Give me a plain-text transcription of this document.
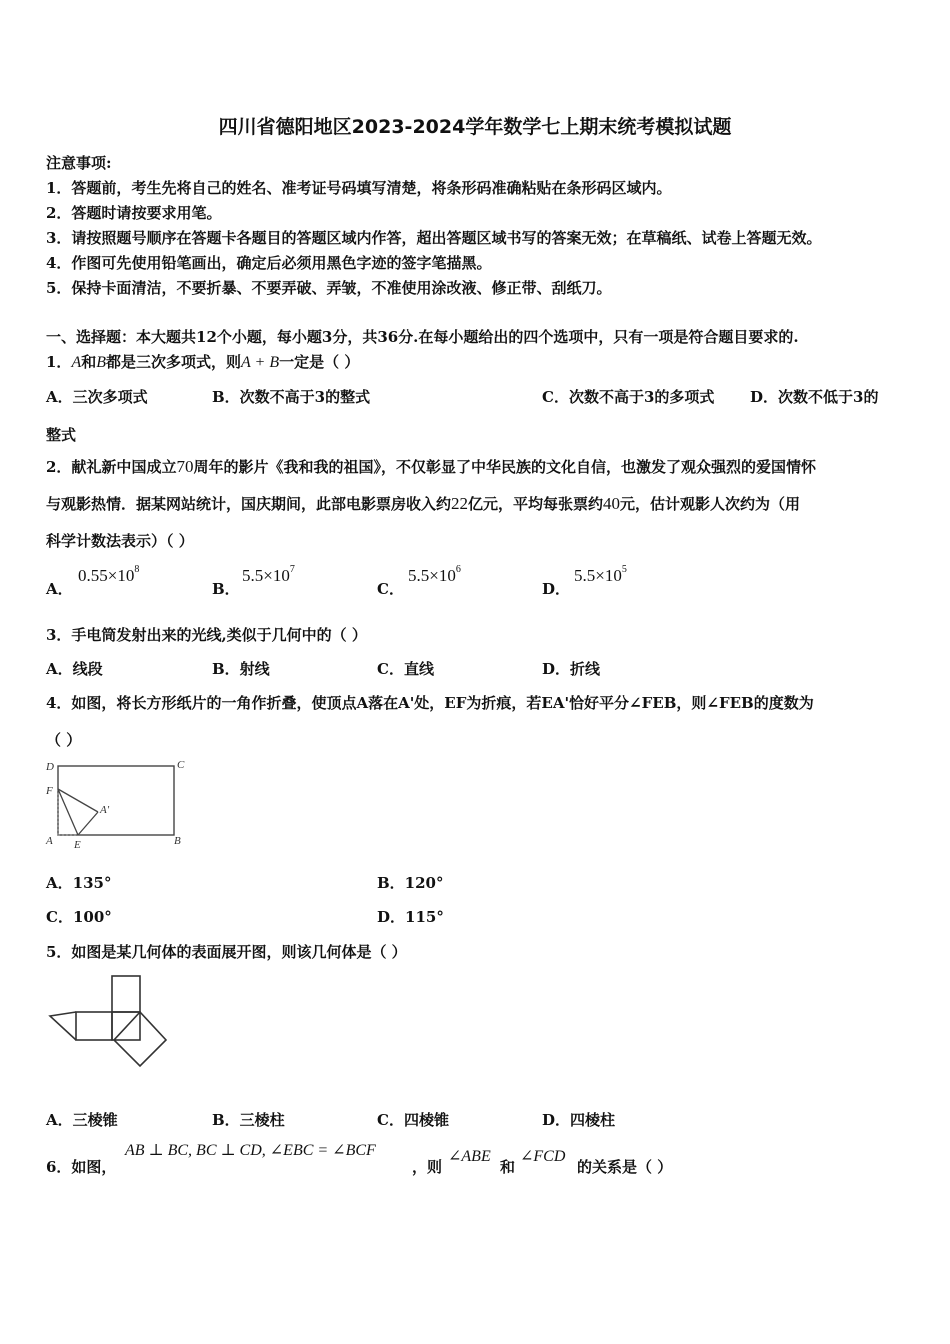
四川省德阳地区2023-2024学年数学七上期末统考模拟试题
注意事项:
1．答题前，考生先将自己的姓名、准考证号码填写清楚，将条形码准确粘贴在条形码区域内。
2．答题时请按要求用笔。
3．请按照题号顺序在答题卡各题目的答题区域内作答，超出答题区域书写的答案无效；在草稿纸、试卷上答题无效。
4．作图可先使用铅笔画出，确定后必须用黑色字迹的签字笔描黑。
5．保持卡面清洁，不要折暴、不要弄破、弄皱，不准使用涂改液、修正带、刮纸刀。
一、选择题：本大题共12个小题，每小题3分，共36分.在每小题给出的四个选项中，只有一项是符合题目要求的.
1．A和B都是三次多项式，则A + B一定是（ ）
A．三次多项式	B．次数不高于3的整式	C．次数不高于3的多项式 D．次数不低于3的
整式
2．献礼新中国成立70周年的影片《我和我的祖国》，不仅彰显了中华民族的文化自信，也激发了观众强烈的爱国情怀
与观影热情．据某网站统计，国庆期间，此部电影票房收入约22亿元，平均每张票约40元，估计观影人次约为（用
科学计数法表示）（ ）
A．
$0.55\times 10^8$
B．
$5.5\times 10^7$
C．
$5.5\times 10^6$
D．
$5.5\times 10^5$
3．手电筒发射出来的光线,类似于几何中的（ ）
A．线段	B．射线	C．直线	D．折线
4．如图，将长方形纸片的一角作折叠，使顶点A落在A'处，EF为折痕，若EA'恰好平分∠FEB，则∠FEB的度数为
（ ）
D	C
F
A'
A E	B
A．135°	B．120°
C．100°	D．115°
5．如图是某几何体的表面展开图，则该几何体是（ ）
A．三棱锥	B．三棱柱	C．四棱锥	D．四棱柱
6．如图，
AB ⊥ BC, BC ⊥ CD, ∠EBC = ∠BCF
，则
∠ABE
和
∠FCD
的关系是（ ）
